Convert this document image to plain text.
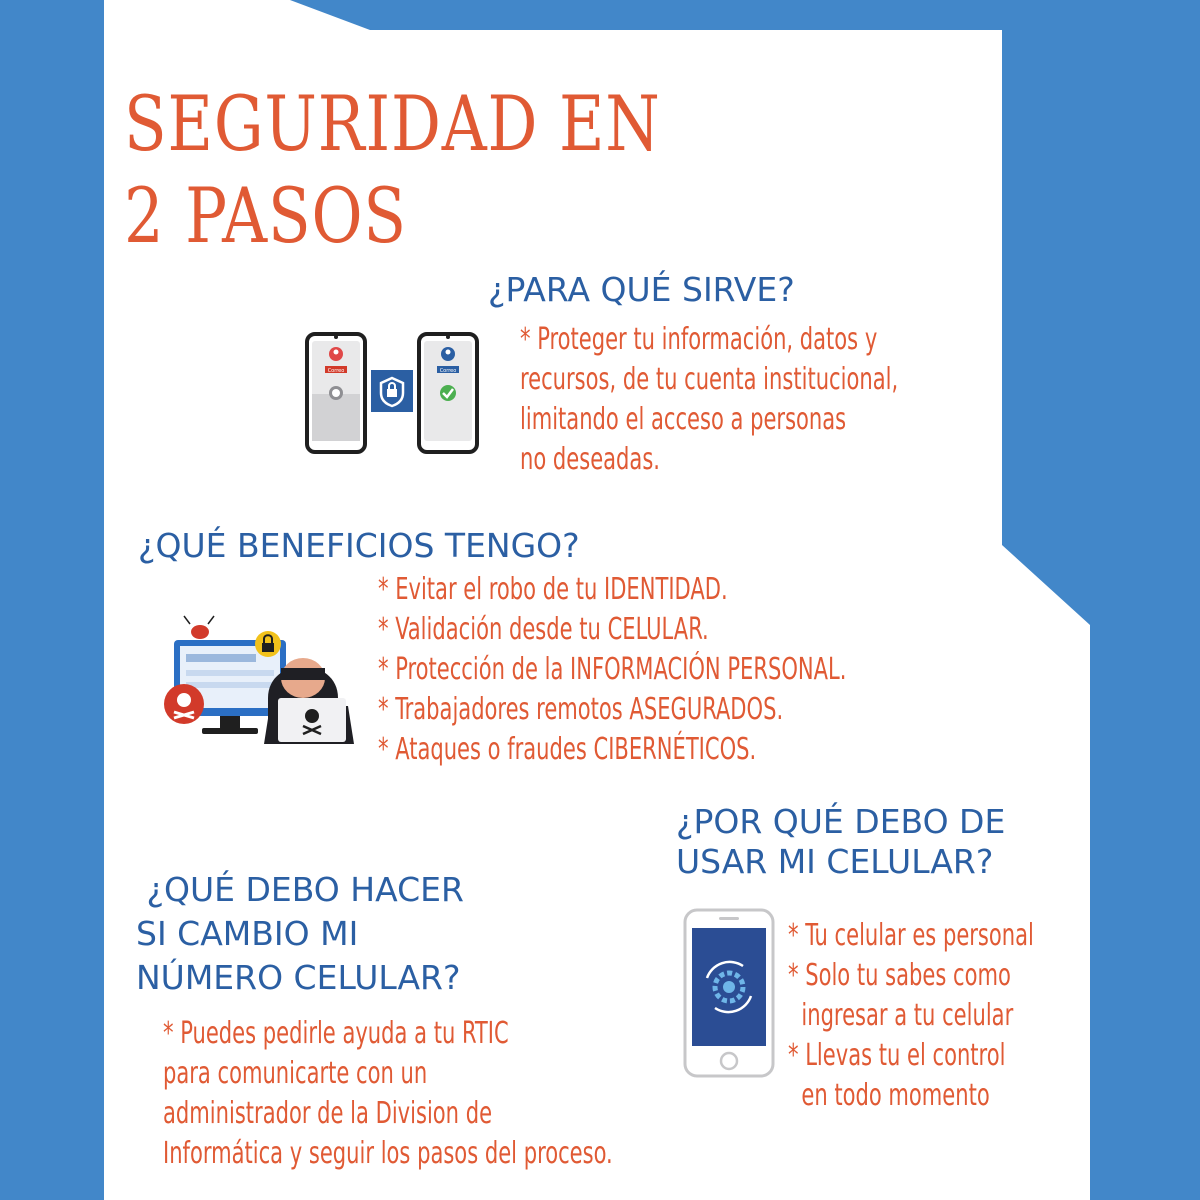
SEGURIDAD EN
2 PASOS
¿PARA QUÉ SIRVE?
Correo	Correo
* Proteger tu información, datos y
recursos, de tu cuenta institucional,
limitando el acceso a personas
no deseadas.
¿QUÉ BENEFICIOS TENGO?
* Evitar el robo de tu IDENTIDAD.
* Validación desde tu CELULAR.
* Protección de la INFORMACIÓN PERSONAL.
* Trabajadores remotos ASEGURADOS.
* Ataques o fraudes CIBERNÉTICOS.
¿POR QUÉ DEBO DE
USAR MI CELULAR?
* Tu celular es personal
* Solo tu sabes como
ingresar a tu celular
* Llevas tu el control
en todo momento
¿QUÉ DEBO HACER
SI CAMBIO MI
NÚMERO CELULAR?
* Puedes pedirle ayuda a tu RTIC
para comunicarte con un
administrador de la Division de
Informática y seguir los pasos del proceso.
